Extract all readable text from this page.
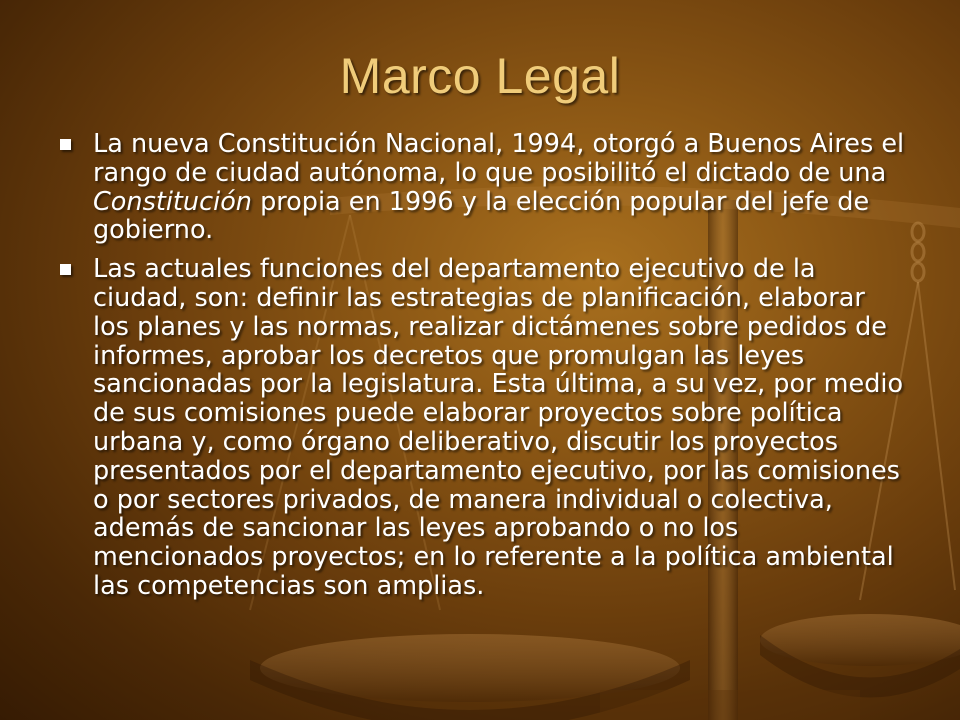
Marco Legal
La nueva Constitución Nacional, 1994, otorgó a Buenos Aires el rango de ciudad autónoma, lo que posibilitó el dictado de una Constitución propia en 1996 y la elección popular del jefe de gobierno.
Las actuales funciones del departamento ejecutivo de la ciudad, son: definir las estrategias de planificación, elaborar los planes y las normas, realizar dictámenes sobre pedidos de informes, aprobar los decretos que promulgan las leyes sancionadas por la legislatura. Esta última, a su vez, por medio de sus comisiones puede elaborar proyectos sobre política urbana y, como órgano deliberativo, discutir los proyectos presentados por el departamento ejecutivo, por las comisiones o por sectores privados, de manera individual o colectiva, además de sancionar las leyes aprobando o no los mencionados proyectos; en lo referente a la política ambiental las competencias son amplias.
